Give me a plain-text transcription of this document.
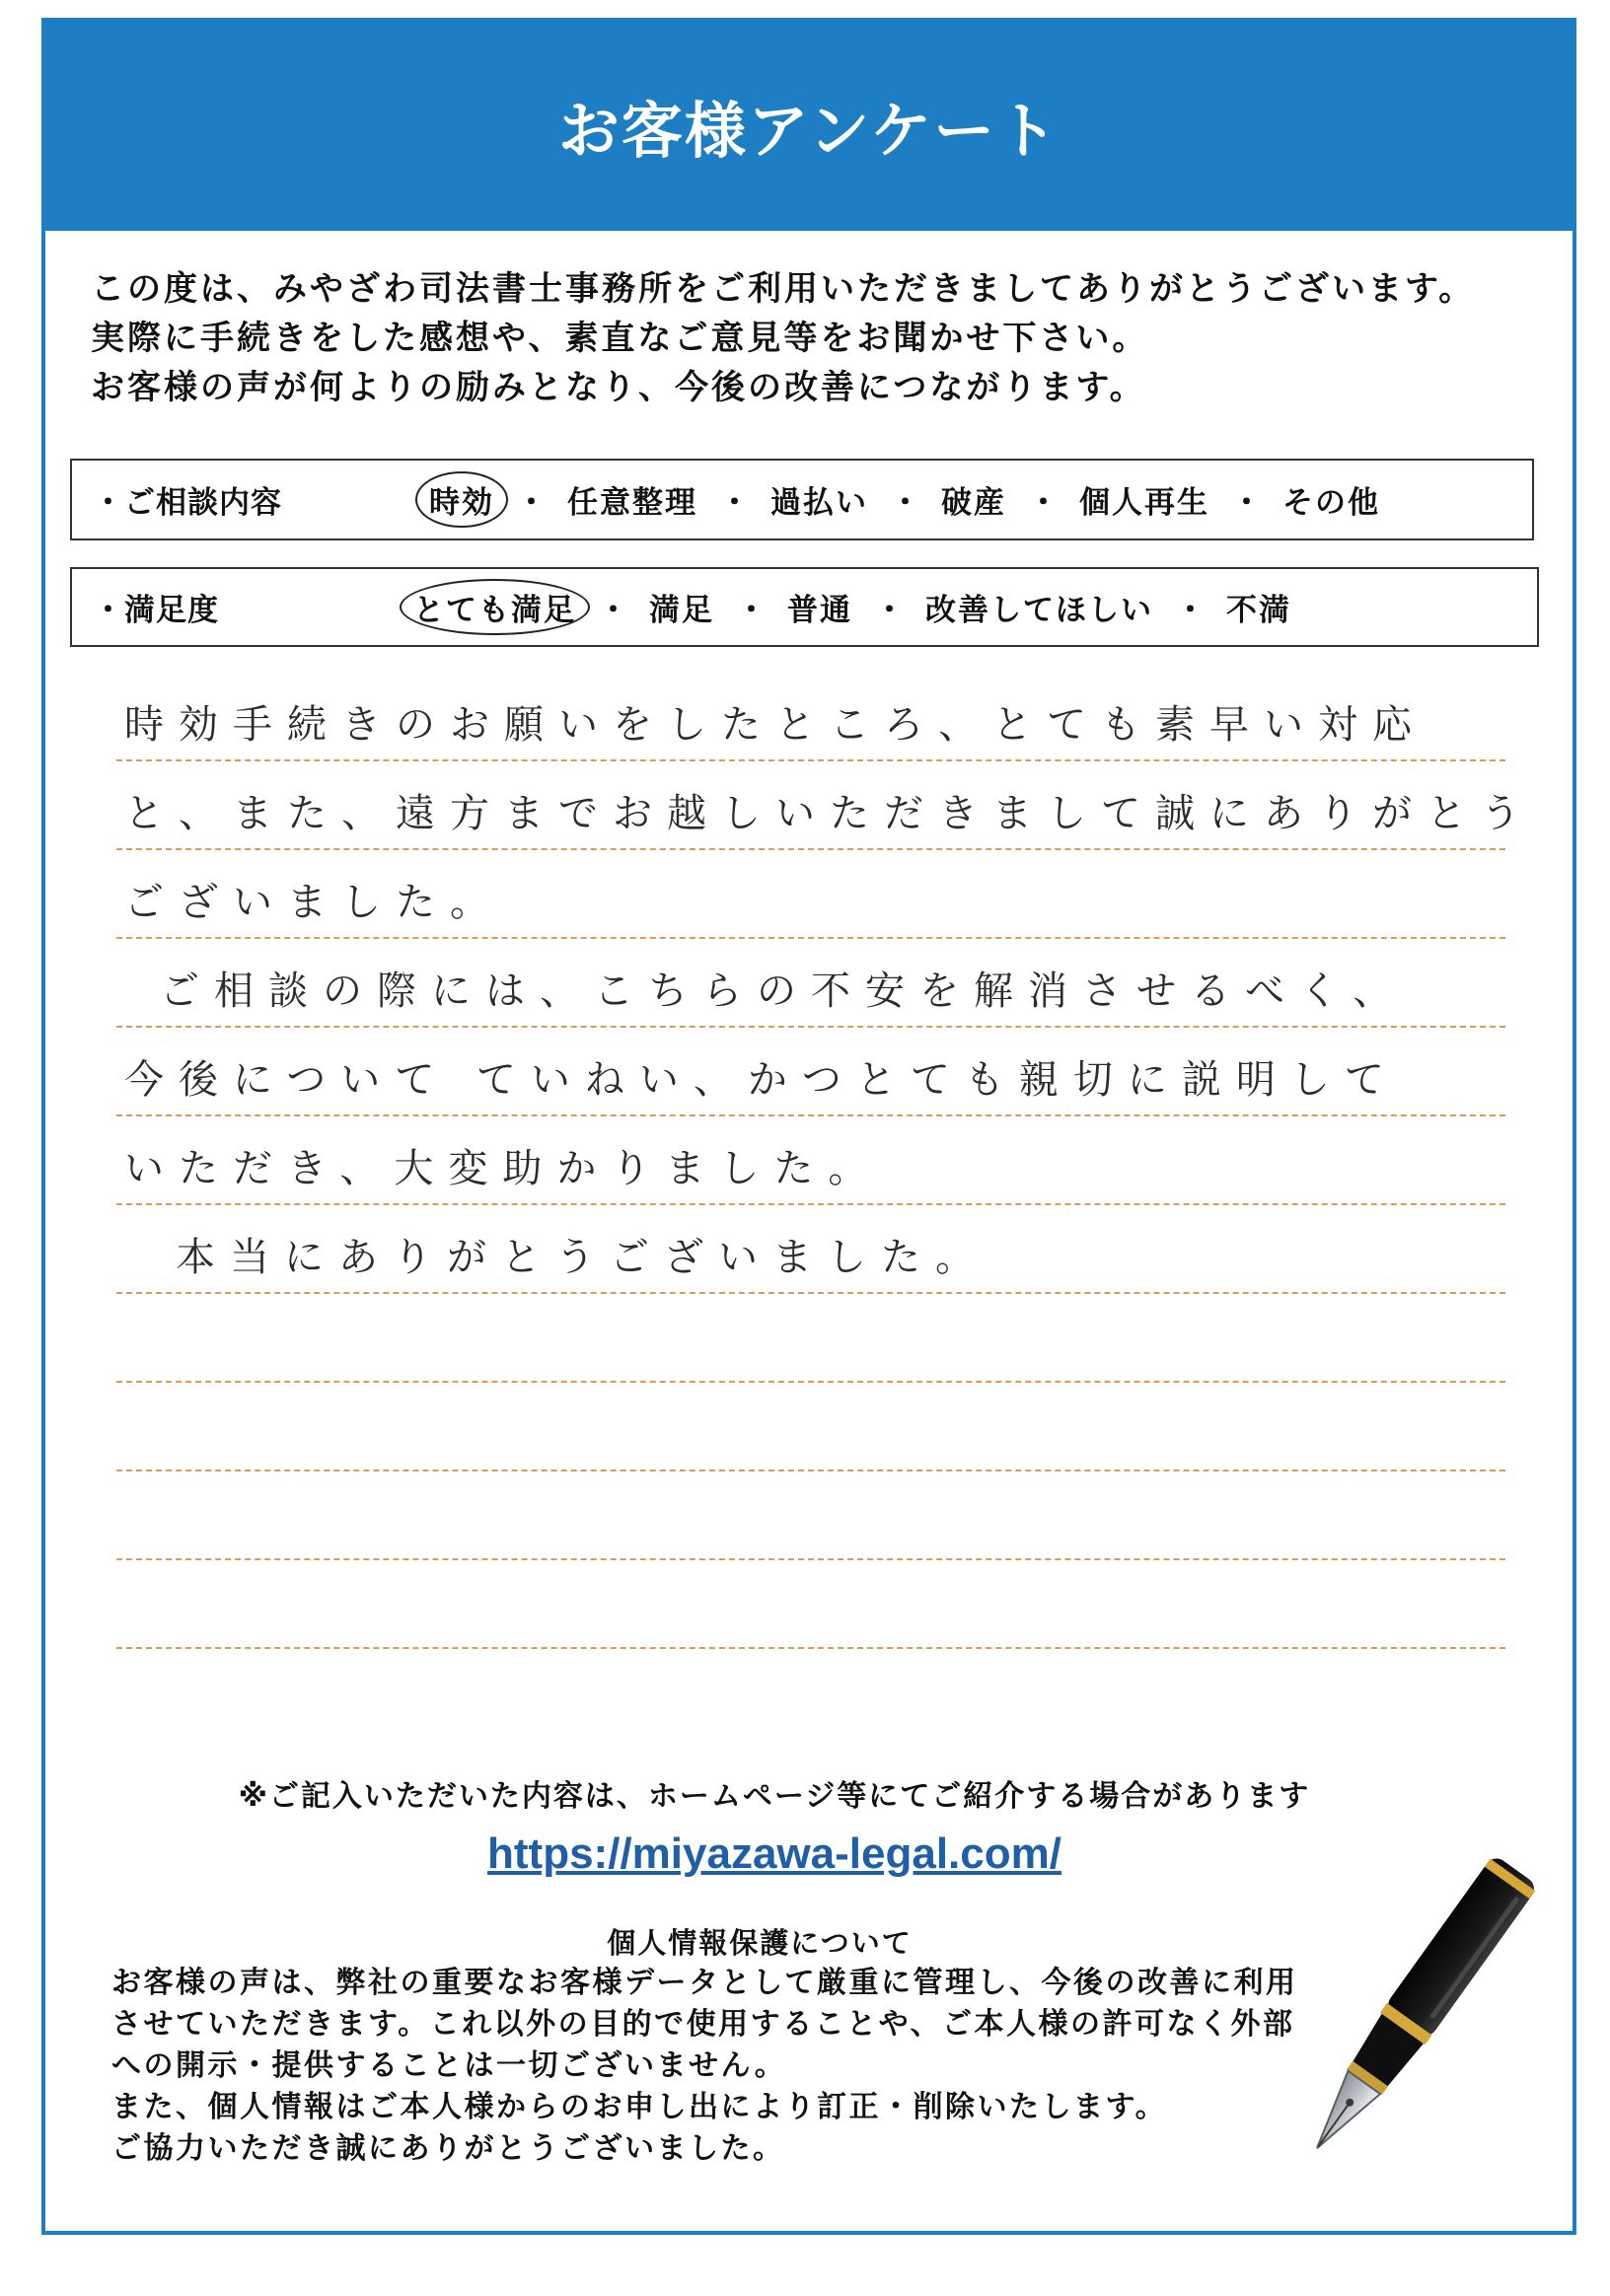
お客様アンケート
この度は、みやざわ司法書士事務所をご利用いただきましてありがとうございます。
実際に手続きをした感想や、素直なご意見等をお聞かせ下さい。
お客様の声が何よりの励みとなり、今後の改善につながります。
・ご相談内容	時効 ・ 任意整理 ・ 過払い ・ 破産 ・ 個人再生 ・ その他
・満足度	とても満足 ・ 満足 ・ 普通 ・ 改善してほしい ・ 不満
時効手続きのお願いをしたところ、とても素早い対応
と、また、遠方までお越しいただきまして誠にありがとう
ございました。
ご相談の際には、こちらの不安を解消させるべく、
今後について ていねい、かつとても親切に説明して
いただき、大変助かりました。
本当にありがとうございました。
※ご記入いただいた内容は、ホームページ等にてご紹介する場合があります
https://miyazawa-legal.com/
個人情報保護について
お客様の声は、弊社の重要なお客様データとして厳重に管理し、今後の改善に利用
させていただきます。これ以外の目的で使用することや、ご本人様の許可なく外部
への開示・提供することは一切ございません。
また、個人情報はご本人様からのお申し出により訂正・削除いたします。
ご協力いただき誠にありがとうございました。
